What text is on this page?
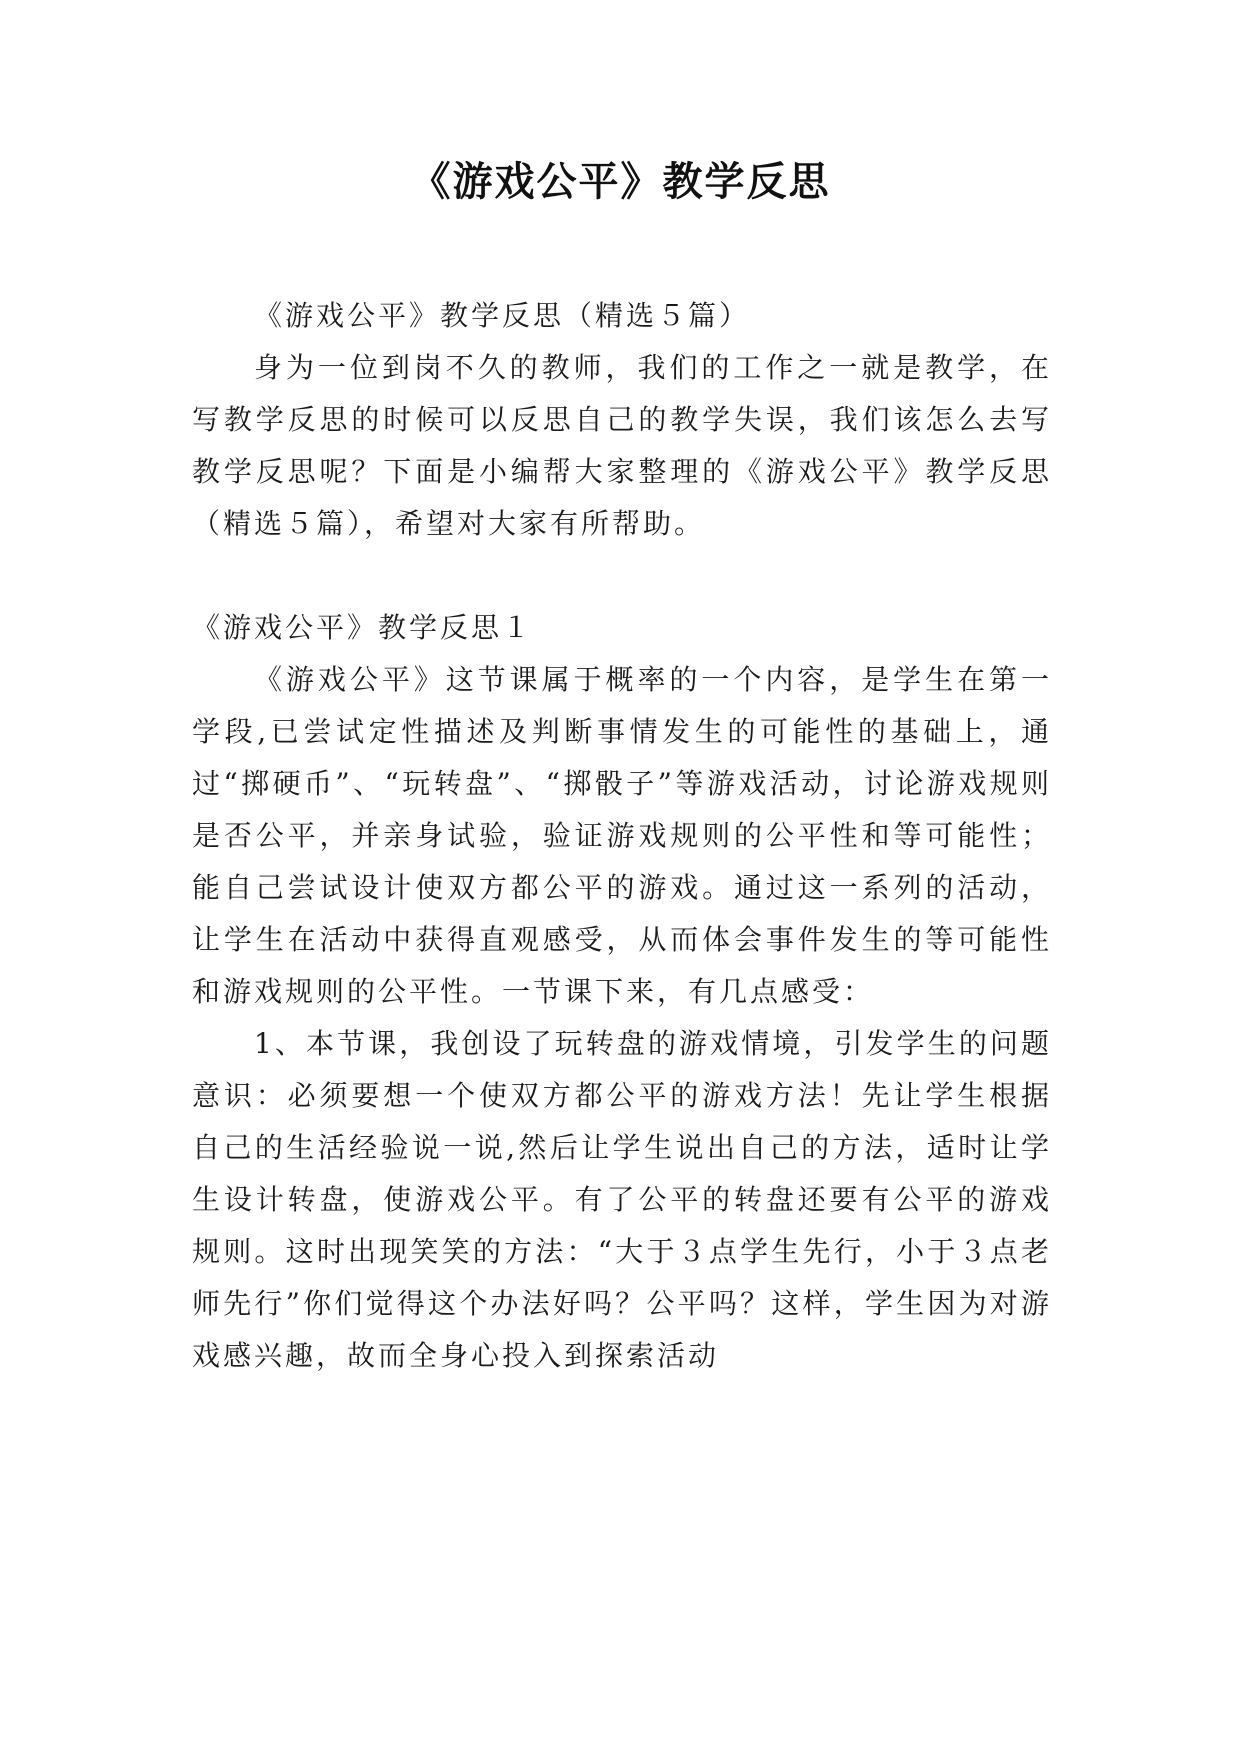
《游戏公平》教学反思

《游戏公平》教学反思（精选５篇）

身为一位到岗不久的教师，我们的工作之一就是教学，在写教学反思的时候可以反思自己的教学失误，我们该怎么去写教学反思呢？下面是小编帮大家整理的《游戏公平》教学反思（精选５篇），希望对大家有所帮助。

《游戏公平》教学反思１

《游戏公平》这节课属于概率的一个内容，是学生在第一学段,已尝试定性描述及判断事情发生的可能性的基础上，通过“掷硬币”、“玩转盘”、“掷骰子”等游戏活动，讨论游戏规则是否公平，并亲身试验，验证游戏规则的公平性和等可能性；能自己尝试设计使双方都公平的游戏。通过这一系列的活动，让学生在活动中获得直观感受，从而体会事件发生的等可能性和游戏规则的公平性。一节课下来，有几点感受：

1、本节课，我创设了玩转盘的游戏情境，引发学生的问题意识：必须要想一个使双方都公平的游戏方法！先让学生根据自己的生活经验说一说,然后让学生说出自己的方法，适时让学生设计转盘，使游戏公平。有了公平的转盘还要有公平的游戏规则。这时出现笑笑的方法：“大于３点学生先行，小于３点老师先行”你们觉得这个办法好吗？公平吗？这样，学生因为对游戏感兴趣，故而全身心投入到探索活动
